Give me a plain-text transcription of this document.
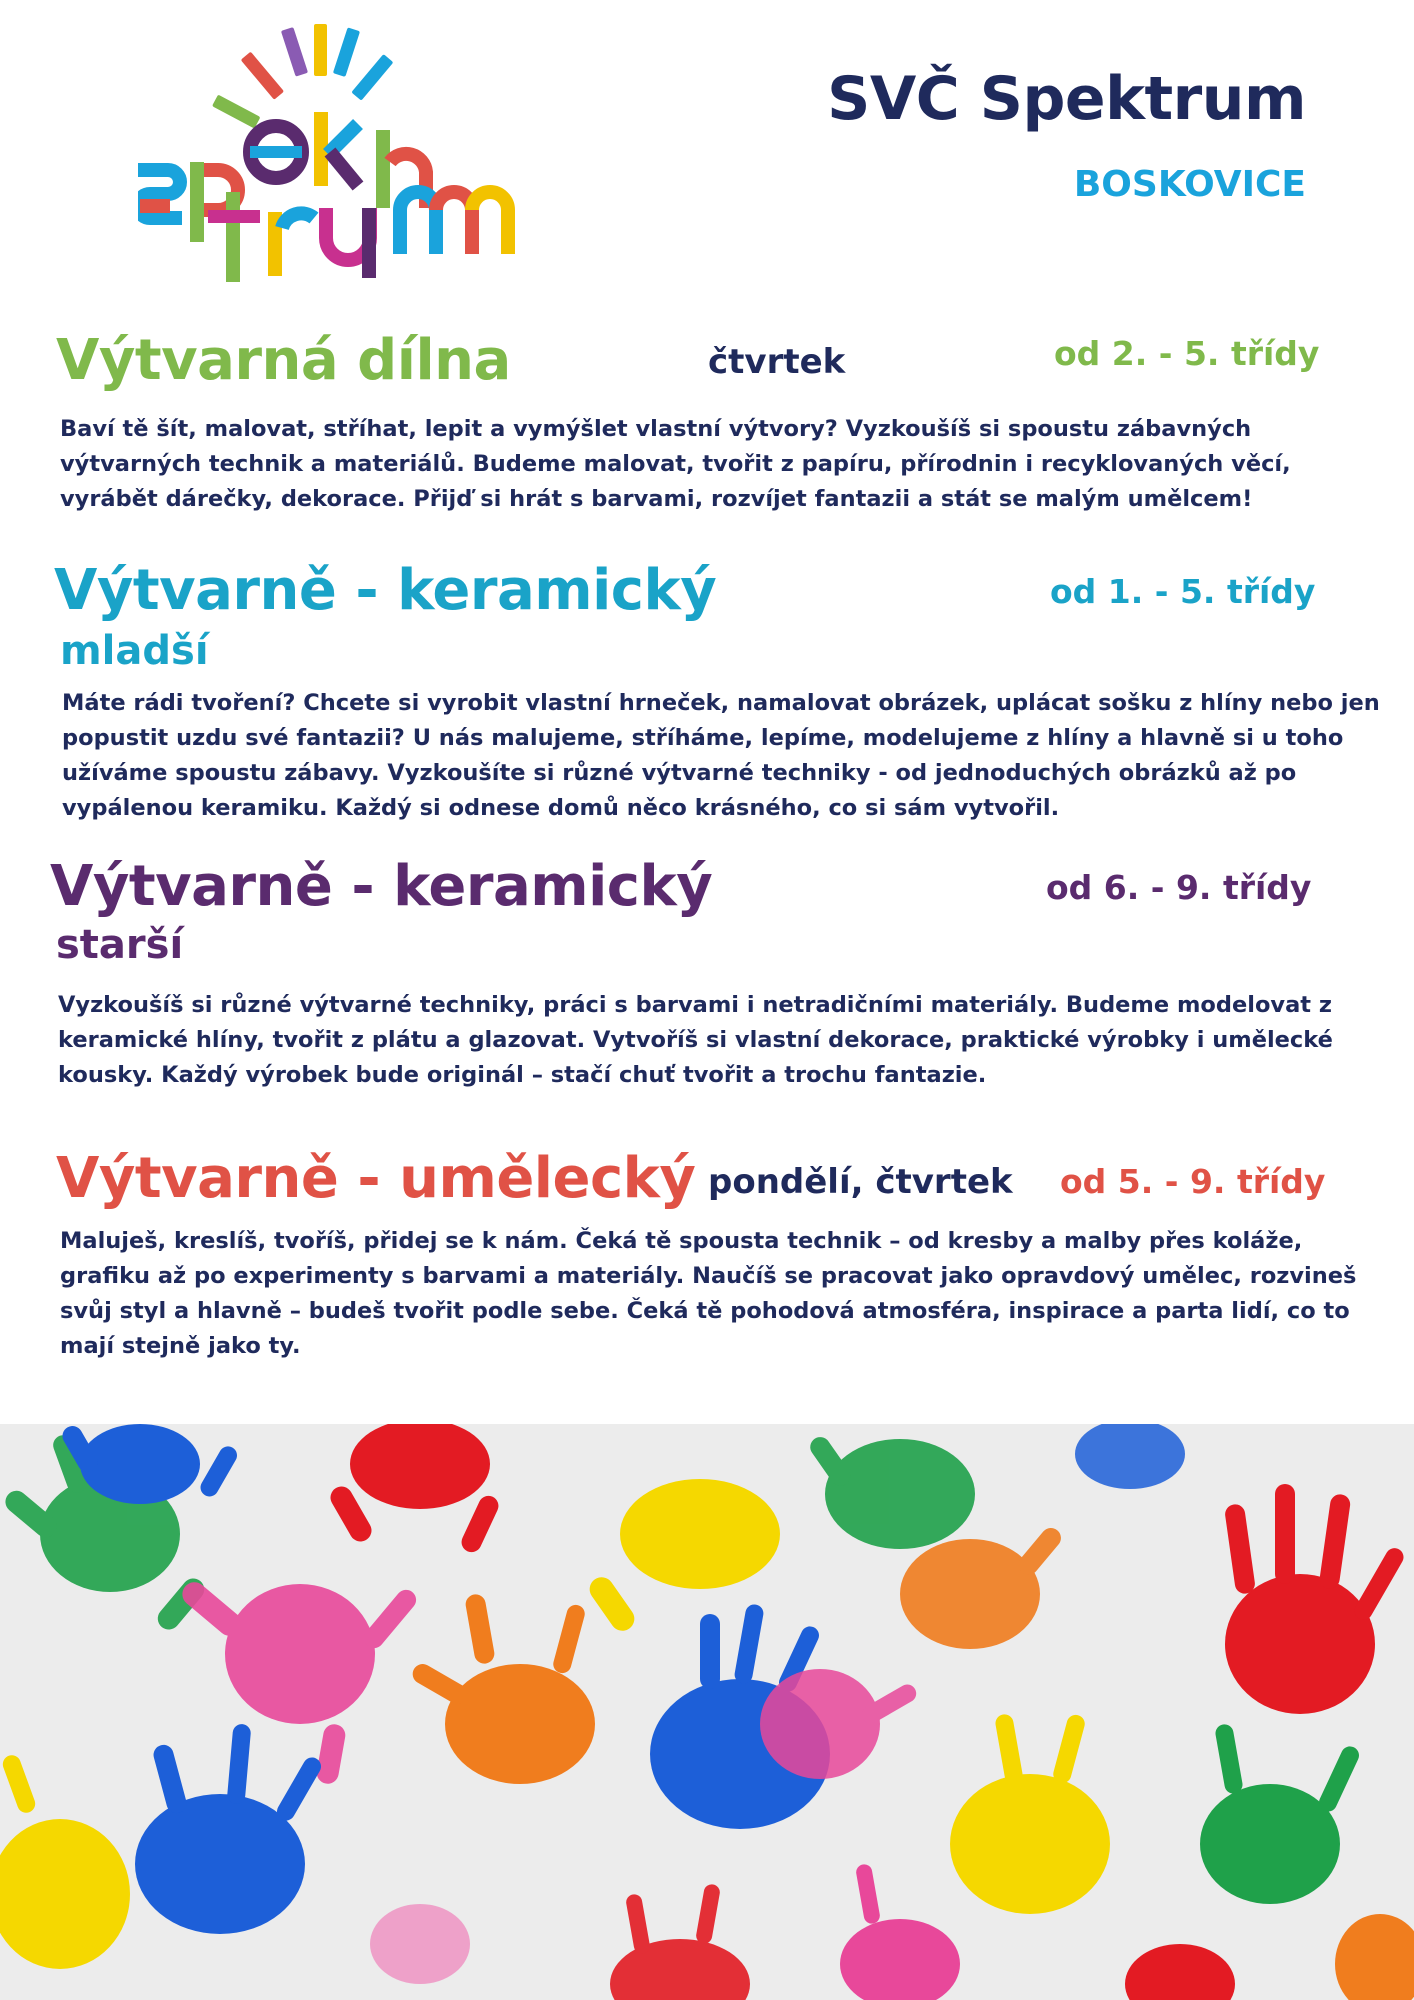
SVČ Spektrum
BOSKOVICE
Výtvarná dílna	čtvrtek	od 2. - 5. třídy
Baví tě šít, malovat, stříhat, lepit a vymýšlet vlastní výtvory? Vyzkoušíš si spoustu zábavných výtvarných technik a materiálů. Budeme malovat, tvořit z papíru, přírodnin i recyklovaných věcí, vyrábět dárečky, dekorace. Přijď si hrát s barvami, rozvíjet fantazii a stát se malým umělcem!
Výtvarně - keramický
mladší
od 1. - 5. třídy
Máte rádi tvoření? Chcete si vyrobit vlastní hrneček, namalovat obrázek, uplácat sošku z hlíny nebo jen popustit uzdu své fantazii? U nás malujeme, stříháme, lepíme, modelujeme z hlíny a hlavně si u toho užíváme spoustu zábavy. Vyzkoušíte si různé výtvarné techniky - od jednoduchých obrázků až po vypálenou keramiku. Každý si odnese domů něco krásného, co si sám vytvořil.
Výtvarně - keramický
starší
od 6. - 9. třídy
Vyzkoušíš si různé výtvarné techniky, práci s barvami i netradičními materiály. Budeme modelovat z keramické hlíny, tvořit z plátu a glazovat. Vytvoříš si vlastní dekorace, praktické výrobky i umělecké kousky. Každý výrobek bude originál – stačí chuť tvořit a trochu fantazie.
Výtvarně - umělecký pondělí, čtvrtek od 5. - 9. třídy
Maluješ, kreslíš, tvoříš, přidej se k nám. Čeká tě spousta technik – od kresby a malby přes koláže, grafiku až po experimenty s barvami a materiály. Naučíš se pracovat jako opravdový umělec, rozvineš svůj styl a hlavně – budeš tvořit podle sebe. Čeká tě pohodová atmosféra, inspirace a parta lidí, co to mají stejně jako ty.
